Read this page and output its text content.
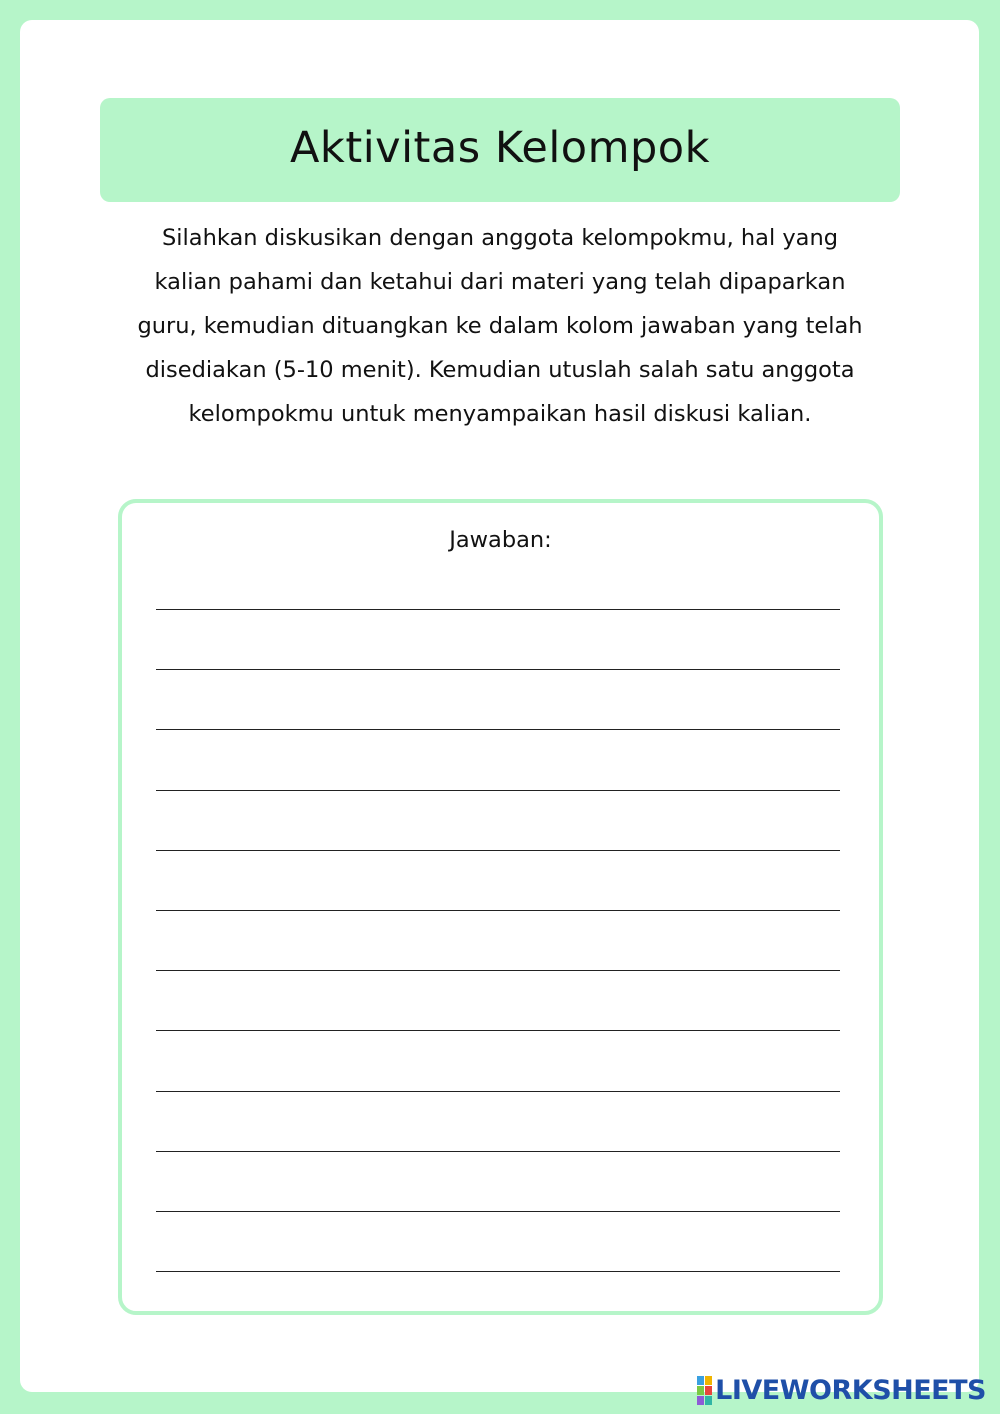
Aktivitas Kelompok
Silahkan diskusikan dengan anggota kelompokmu, hal yang
kalian pahami dan ketahui dari materi yang telah dipaparkan
guru, kemudian dituangkan ke dalam kolom jawaban yang telah
disediakan (5-10 menit). Kemudian utuslah salah satu anggota
kelompokmu untuk menyampaikan hasil diskusi kalian.
Jawaban:
LIVEWORKSHEETS
